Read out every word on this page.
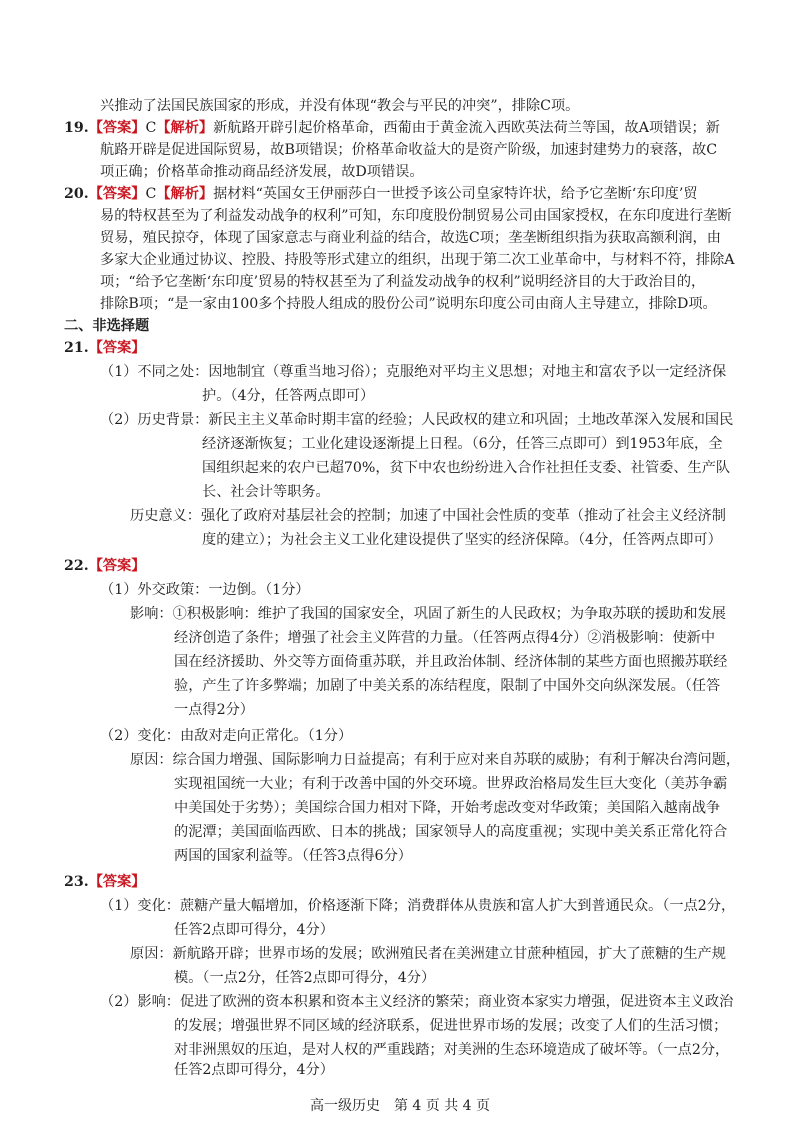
兴推动了法国民族国家的形成，并没有体现“教会与平民的冲突”，排除C项。
19.【答案】C【解析】新航路开辟引起价格革命，西葡由于黄金流入西欧英法荷兰等国，故A项错误；新
航路开辟是促进国际贸易，故B项错误；价格革命收益大的是资产阶级，加速封建势力的衰落，故C
项正确；价格革命推动商品经济发展，故D项错误。
20.【答案】C【解析】据材料“英国女王伊丽莎白一世授予该公司皇家特许状，给予它垄断‘东印度’贸
易的特权甚至为了利益发动战争的权利”可知，东印度股份制贸易公司由国家授权，在东印度进行垄断
贸易，殖民掠夺，体现了国家意志与商业利益的结合，故选C项；垄垄断组织指为获取高额利润，由
多家大企业通过协议、控股、持股等形式建立的组织，出现于第二次工业革命中，与材料不符，排除A
项；“给予它垄断‘东印度’贸易的特权甚至为了利益发动战争的权利”说明经济目的大于政治目的，
排除B项；“是一家由100多个持股人组成的股份公司”说明东印度公司由商人主导建立，排除D项。
二、非选择题
21.【答案】
（1）不同之处：因地制宜（尊重当地习俗）；克服绝对平均主义思想；对地主和富农予以一定经济保
护。（4分，任答两点即可）
（2）历史背景：新民主主义革命时期丰富的经验；人民政权的建立和巩固；土地改革深入发展和国民
经济逐渐恢复；工业化建设逐渐提上日程。（6分，任答三点即可）到1953年底，全
国组织起来的农户已超70%，贫下中农也纷纷进入合作社担任支委、社管委、生产队
长、社会计等职务。
历史意义：强化了政府对基层社会的控制；加速了中国社会性质的变革（推动了社会主义经济制
度的建立）；为社会主义工业化建设提供了坚实的经济保障。（4分，任答两点即可）
22.【答案】
（1）外交政策：一边倒。（1分）
影响：①积极影响：维护了我国的国家安全，巩固了新生的人民政权；为争取苏联的援助和发展
经济创造了条件；增强了社会主义阵营的力量。（任答两点得4分）②消极影响：使新中
国在经济援助、外交等方面倚重苏联，并且政治体制、经济体制的某些方面也照搬苏联经
验，产生了许多弊端；加剧了中美关系的冻结程度，限制了中国外交向纵深发展。（任答
一点得2分）
（2）变化：由敌对走向正常化。（1分）
原因：综合国力增强、国际影响力日益提高；有利于应对来自苏联的威胁；有利于解决台湾问题，
实现祖国统一大业；有利于改善中国的外交环境。世界政治格局发生巨大变化（美苏争霸
中美国处于劣势）；美国综合国力相对下降，开始考虑改变对华政策；美国陷入越南战争
的泥潭；美国面临西欧、日本的挑战；国家领导人的高度重视；实现中美关系正常化符合
两国的国家利益等。（任答3点得6分）
23.【答案】
（1）变化：蔗糖产量大幅增加，价格逐渐下降；消费群体从贵族和富人扩大到普通民众。（一点2分，
任答2点即可得分，4分）
原因：新航路开辟；世界市场的发展；欧洲殖民者在美洲建立甘蔗种植园，扩大了蔗糖的生产规
模。（一点2分，任答2点即可得分，4分）
（2）影响：促进了欧洲的资本积累和资本主义经济的繁荣；商业资本家实力增强，促进资本主义政治
的发展；增强世界不同区域的经济联系，促进世界市场的发展；改变了人们的生活习惯；
对非洲黑奴的压迫，是对人权的严重践踏；对美洲的生态环境造成了破坏等。（一点2分，
任答2点即可得分，4分）
高一级历史　第 4 页 共 4 页
